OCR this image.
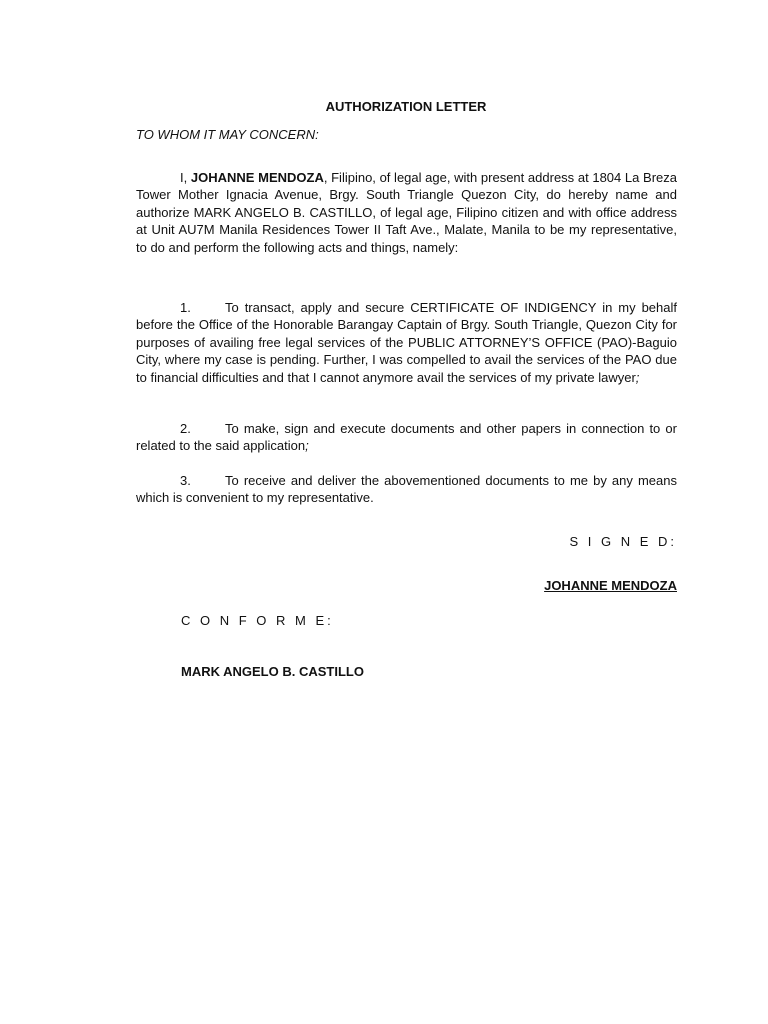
AUTHORIZATION LETTER
TO WHOM IT MAY CONCERN:
I, JOHANNE MENDOZA, Filipino, of legal age, with present address at 1804 La Breza Tower Mother Ignacia Avenue, Brgy. South Triangle Quezon City, do hereby name and authorize MARK ANGELO B. CASTILLO, of legal age, Filipino citizen and with office address at Unit AU7M Manila Residences Tower II Taft Ave., Malate, Manila to be my representative, to do and perform the following acts and things, namely:
1.	To transact, apply and secure CERTIFICATE OF INDIGENCY in my behalf before the Office of the Honorable Barangay Captain of Brgy. South Triangle, Quezon City for purposes of availing free legal services of the PUBLIC ATTORNEY’S OFFICE (PAO)-Baguio City, where my case is pending. Further, I was compelled to avail the services of the PAO due to financial difficulties and that I cannot anymore avail the services of my private lawyer;
2.	To make, sign and execute documents and other papers in connection to or related to the said application;
3.	To receive and deliver the abovementioned documents to me by any means which is convenient to my representative.
S I G N E D:
JOHANNE MENDOZA
C O N F O R M E:
MARK ANGELO B. CASTILLO
